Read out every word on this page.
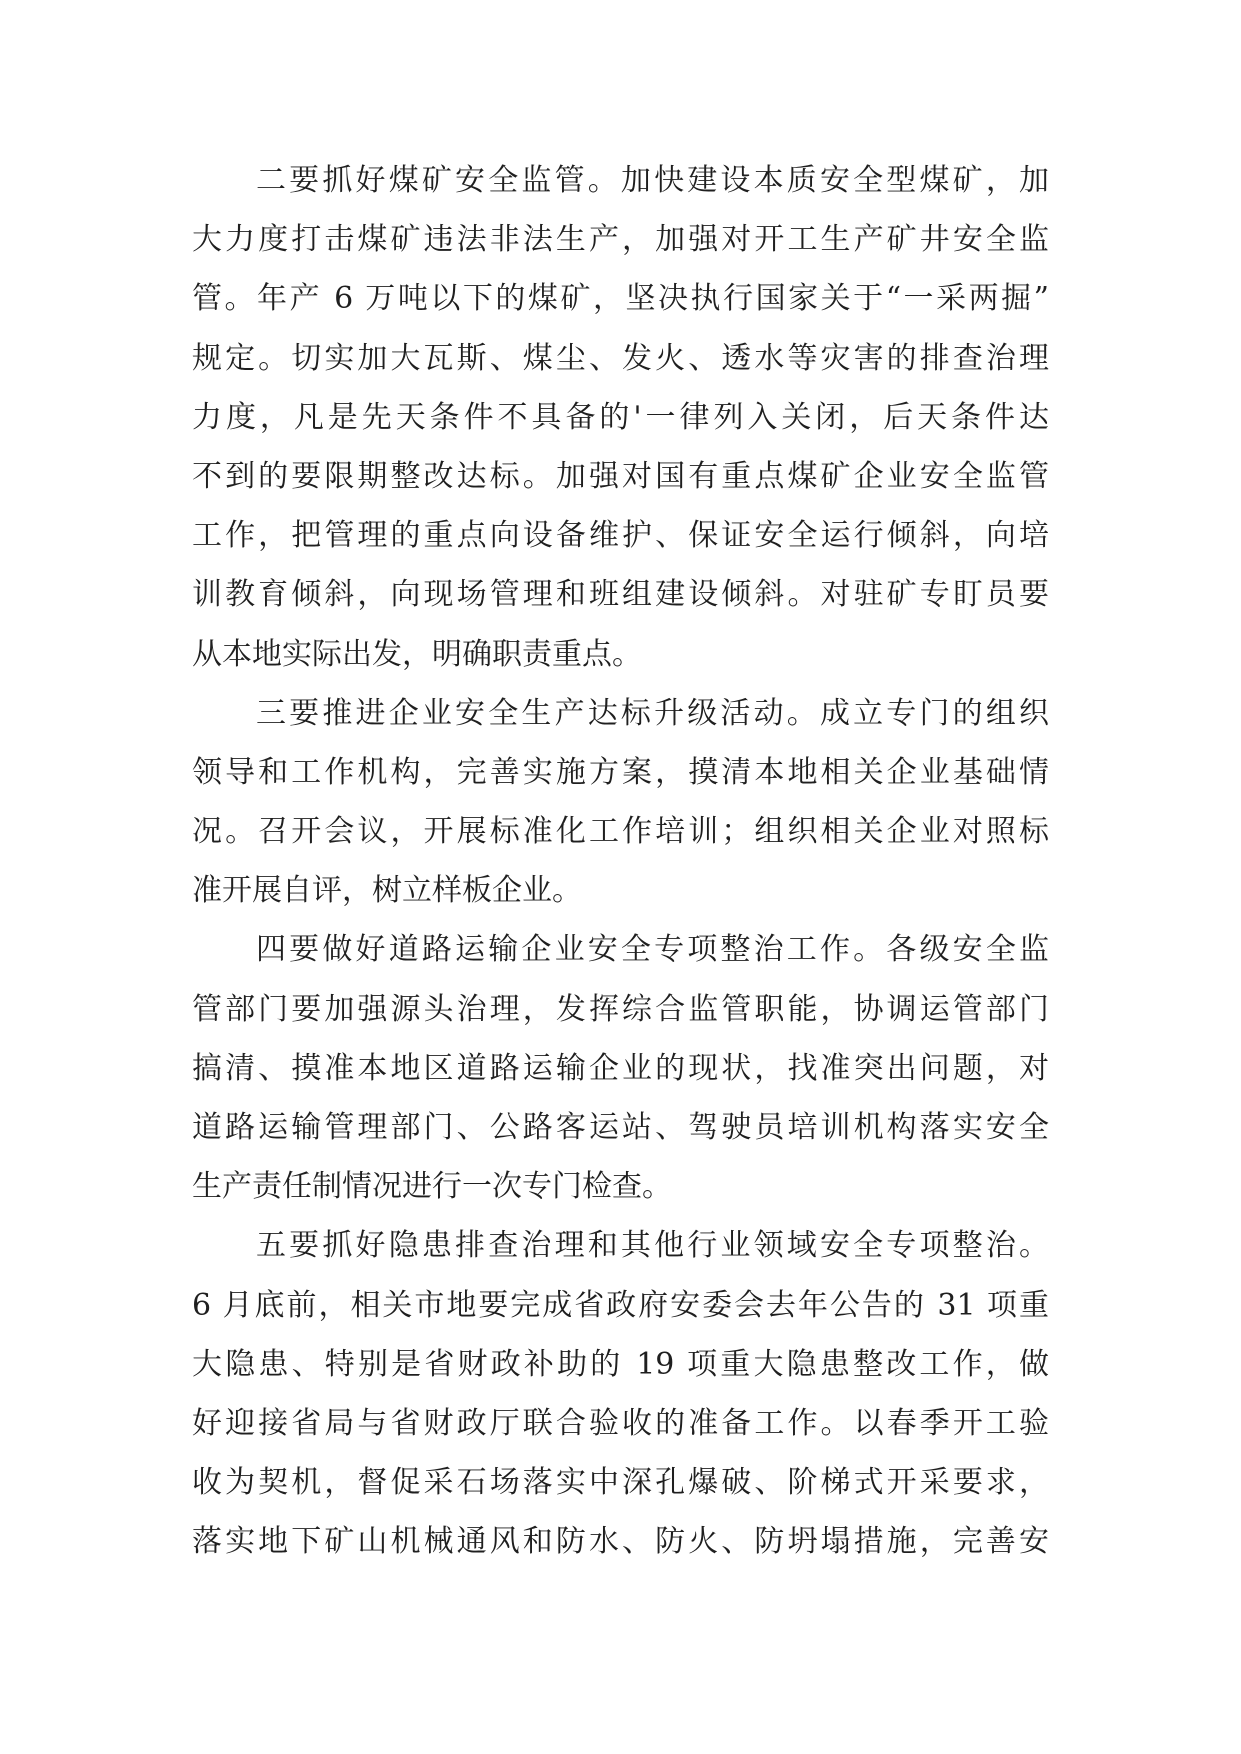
二要抓好煤矿安全监管。加快建设本质安全型煤矿，加
大力度打击煤矿违法非法生产，加强对开工生产矿井安全监
管。年产 6 万吨以下的煤矿，坚决执行国家关于“一采两掘”
规定。切实加大瓦斯、煤尘、发火、透水等灾害的排查治理
力度，凡是先天条件不具备的'一律列入关闭，后天条件达
不到的要限期整改达标。加强对国有重点煤矿企业安全监管
工作，把管理的重点向设备维护、保证安全运行倾斜，向培
训教育倾斜，向现场管理和班组建设倾斜。对驻矿专盯员要
从本地实际出发，明确职责重点。
三要推进企业安全生产达标升级活动。成立专门的组织
领导和工作机构，完善实施方案，摸清本地相关企业基础情
况。召开会议，开展标准化工作培训；组织相关企业对照标
准开展自评，树立样板企业。
四要做好道路运输企业安全专项整治工作。各级安全监
管部门要加强源头治理，发挥综合监管职能，协调运管部门
搞清、摸准本地区道路运输企业的现状，找准突出问题，对
道路运输管理部门、公路客运站、驾驶员培训机构落实安全
生产责任制情况进行一次专门检查。
五要抓好隐患排查治理和其他行业领域安全专项整治。
6 月底前，相关市地要完成省政府安委会去年公告的 31 项重
大隐患、特别是省财政补助的 19 项重大隐患整改工作，做
好迎接省局与省财政厅联合验收的准备工作。以春季开工验
收为契机，督促采石场落实中深孔爆破、阶梯式开采要求，
落实地下矿山机械通风和防水、防火、防坍塌措施，完善安
